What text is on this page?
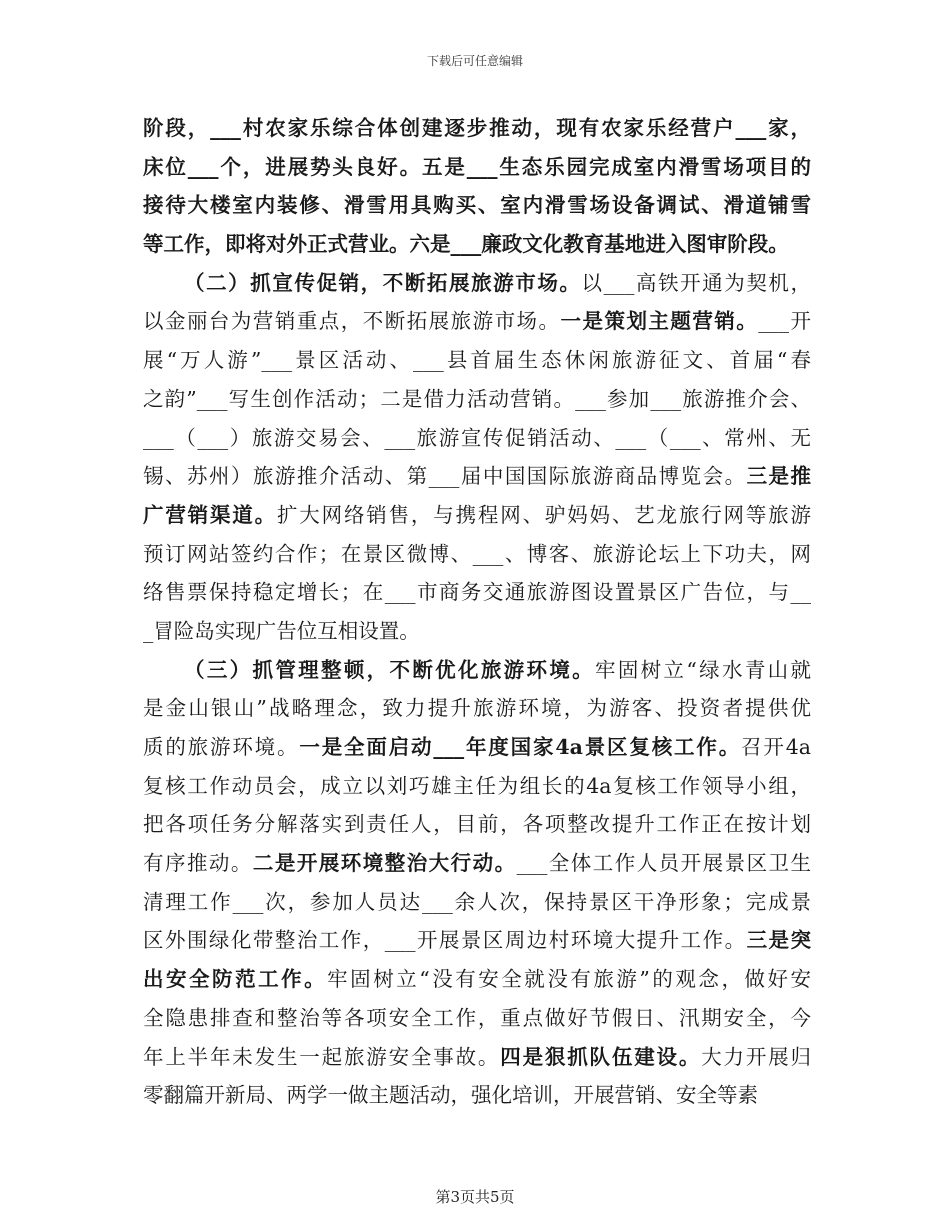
下载后可任意编辑
阶段，___村农家乐综合体创建逐步推动，现有农家乐经营户___家，
床位___个，进展势头良好。五是___生态乐园完成室内滑雪场项目的
接待大楼室内装修、滑雪用具购买、室内滑雪场设备调试、滑道铺雪
等工作，即将对外正式营业。六是___廉政文化教育基地进入图审阶段。
（二）抓宣传促销，不断拓展旅游市场。以___高铁开通为契机，
以金丽台为营销重点，不断拓展旅游市场。一是策划主题营销。___开
展“万人游”___景区活动、___县首届生态休闲旅游征文、首届“春
之韵”___写生创作活动；二是借力活动营销。___参加___旅游推介会、
___（___）旅游交易会、___旅游宣传促销活动、___（___、常州、无
锡、苏州）旅游推介活动、第___届中国国际旅游商品博览会。三是推
广营销渠道。扩大网络销售，与携程网、驴妈妈、艺龙旅行网等旅游
预订网站签约合作；在景区微博、___、博客、旅游论坛上下功夫，网
络售票保持稳定增长；在___市商务交通旅游图设置景区广告位，与__
_冒险岛实现广告位互相设置。
（三）抓管理整顿，不断优化旅游环境。牢固树立“绿水青山就
是金山银山”战略理念，致力提升旅游环境，为游客、投资者提供优
质的旅游环境。一是全面启动___年度国家4a景区复核工作。召开4a
复核工作动员会，成立以刘巧雄主任为组长的4a复核工作领导小组，
把各项任务分解落实到责任人，目前，各项整改提升工作正在按计划
有序推动。二是开展环境整治大行动。___全体工作人员开展景区卫生
清理工作___次，参加人员达___余人次，保持景区干净形象；完成景
区外围绿化带整治工作，___开展景区周边村环境大提升工作。三是突
出安全防范工作。牢固树立“没有安全就没有旅游”的观念，做好安
全隐患排查和整治等各项安全工作，重点做好节假日、汛期安全，今
年上半年未发生一起旅游安全事故。四是狠抓队伍建设。大力开展归
零翻篇开新局、两学一做主题活动，强化培训，开展营销、安全等素
第3页共5页
